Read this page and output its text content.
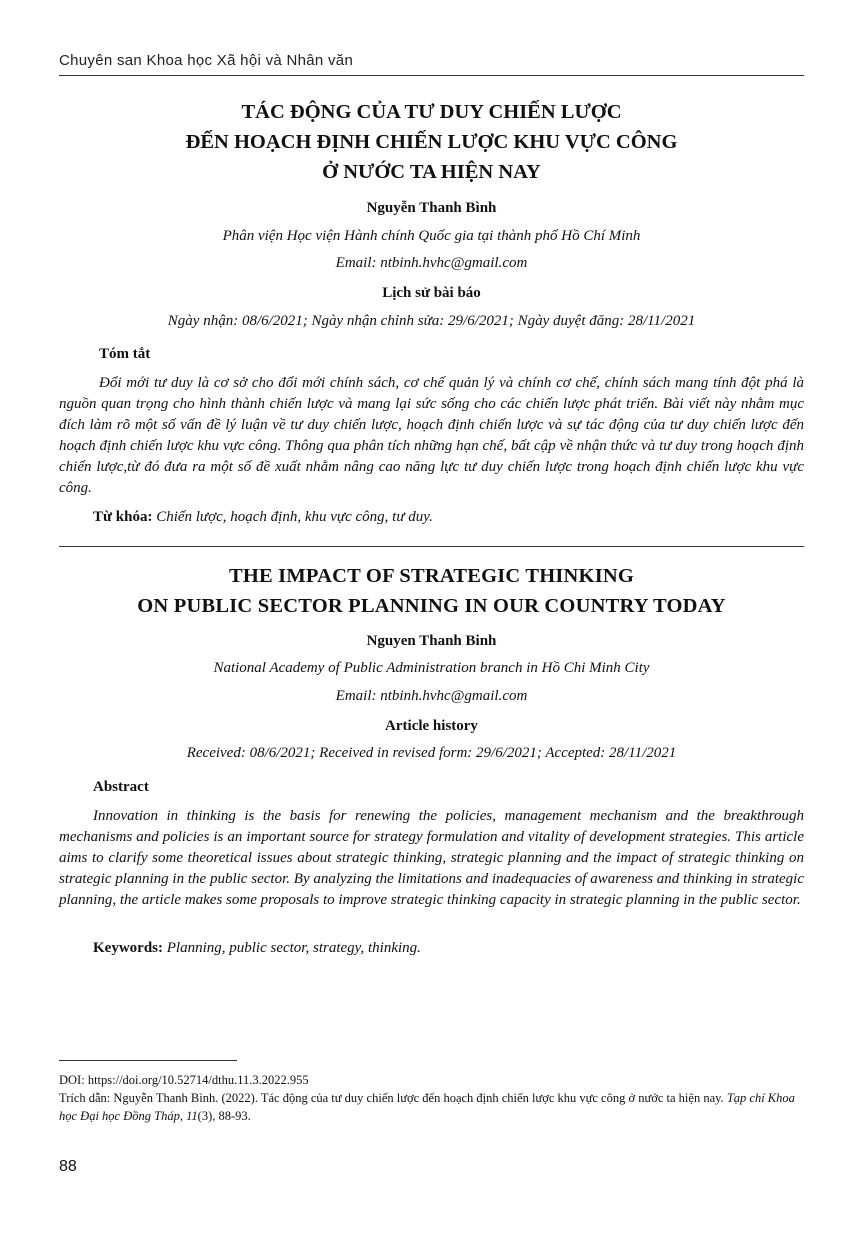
Chuyên san Khoa học Xã hội và Nhân văn
TÁC ĐỘNG CỦA TƯ DUY CHIẾN LƯỢC
ĐẾN HOẠCH ĐỊNH CHIẾN LƯỢC KHU VỰC CÔNG
Ở NƯỚC TA HIỆN NAY
Nguyễn Thanh Bình
Phân viện Học viện Hành chính Quốc gia tại thành phố Hồ Chí Minh
Email: ntbinh.hvhc@gmail.com
Lịch sử bài báo
Ngày nhận: 08/6/2021; Ngày nhận chỉnh sửa: 29/6/2021; Ngày duyệt đăng: 28/11/2021
Tóm tắt
Đổi mới tư duy là cơ sở cho đổi mới chính sách, cơ chế quản lý và chính cơ chế, chính sách mang tính đột phá là nguồn quan trọng cho hình thành chiến lược và mang lại sức sống cho các chiến lược phát triển. Bài viết này nhằm mục đích làm rõ một số vấn đề lý luận về tư duy chiến lược, hoạch định chiến lược và sự tác động của tư duy chiến lược đến hoạch định chiến lược khu vực công. Thông qua phân tích những hạn chế, bất cập về nhận thức và tư duy trong hoạch định chiến lược,từ đó đưa ra một số đề xuất nhằm nâng cao năng lực tư duy chiến lược trong hoạch định chiến lược khu vực công.
Từ khóa: Chiến lược, hoạch định, khu vực công, tư duy.
THE IMPACT OF STRATEGIC THINKING
ON PUBLIC SECTOR PLANNING IN OUR COUNTRY TODAY
Nguyen Thanh Binh
National Academy of Public Administration branch in Hồ Chi Minh City
Email: ntbinh.hvhc@gmail.com
Article history
Received: 08/6/2021; Received in revised form: 29/6/2021; Accepted: 28/11/2021
Abstract
Innovation in thinking is the basis for renewing the policies, management mechanism and the breakthrough mechanisms and policies is an important source for strategy formulation and vitality of development strategies. This article aims to clarify some theoretical issues about strategic thinking, strategic planning and the impact of strategic thinking on strategic planning in the public sector. By analyzing the limitations and inadequacies of awareness and thinking in strategic planning, the article makes some proposals to improve strategic thinking capacity in strategic planning in the public sector.
Keywords: Planning, public sector, strategy, thinking.
DOI: https://doi.org/10.52714/dthu.11.3.2022.955
Trích dẫn: Nguyễn Thanh Bình. (2022). Tác động của tư duy chiến lược đến hoạch định chiến lược khu vực công ở nước ta hiện nay. Tạp chí Khoa học Đại học Đồng Tháp, 11(3), 88-93.
88
